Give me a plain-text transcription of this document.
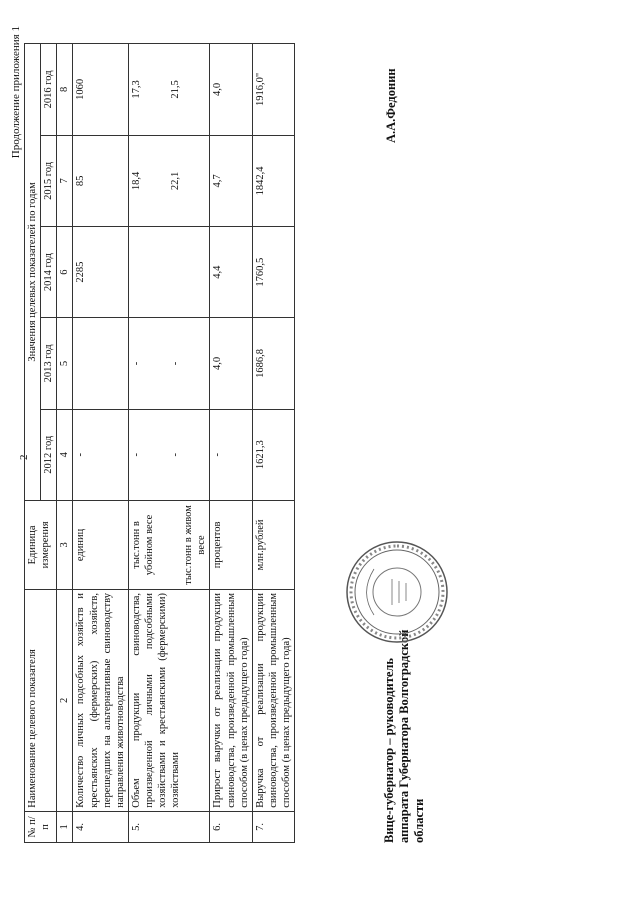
2
Продолжение приложения 1
№ п/п	Наименование целевого показателя	Единица измерения	Значения целевых показателей по годам				
			2012 год	2013 год	2014 год	2015 год	2016 год
1	2	3	4	5	6	7	8
4.	Количество личных подсобных хозяйств и крестьянских (фермерских) хозяйств, перешедших на альтернативные свиноводству направления животноводства	единиц	-		2285	85	1060
5.	Объем продукции свиноводства, произведенной личными подсобными хозяйствами и крестьянскими (фермерскими) хозяйствами	тыс.тонн в убойном весе тыс.тонн в живом весе	- -	- -		18,4 22,1	17,3 21,5

6.	Прирост выручки от реализации продукции свиноводства, произведенной промышленным способом (в ценах предыдущего года)	процентов	-	4,0	4,4	4,7	4,0
7.	Выручка от реализации продукции свиноводства, произведенной промышленным способом (в ценах предыдущего года)	млн.рублей	1621,3	1686,8	1760,5	1842,4	1916,0"
Вице-губернатор – руководитель аппарата Губернатора Волгоградской области
А.А.Федонин
